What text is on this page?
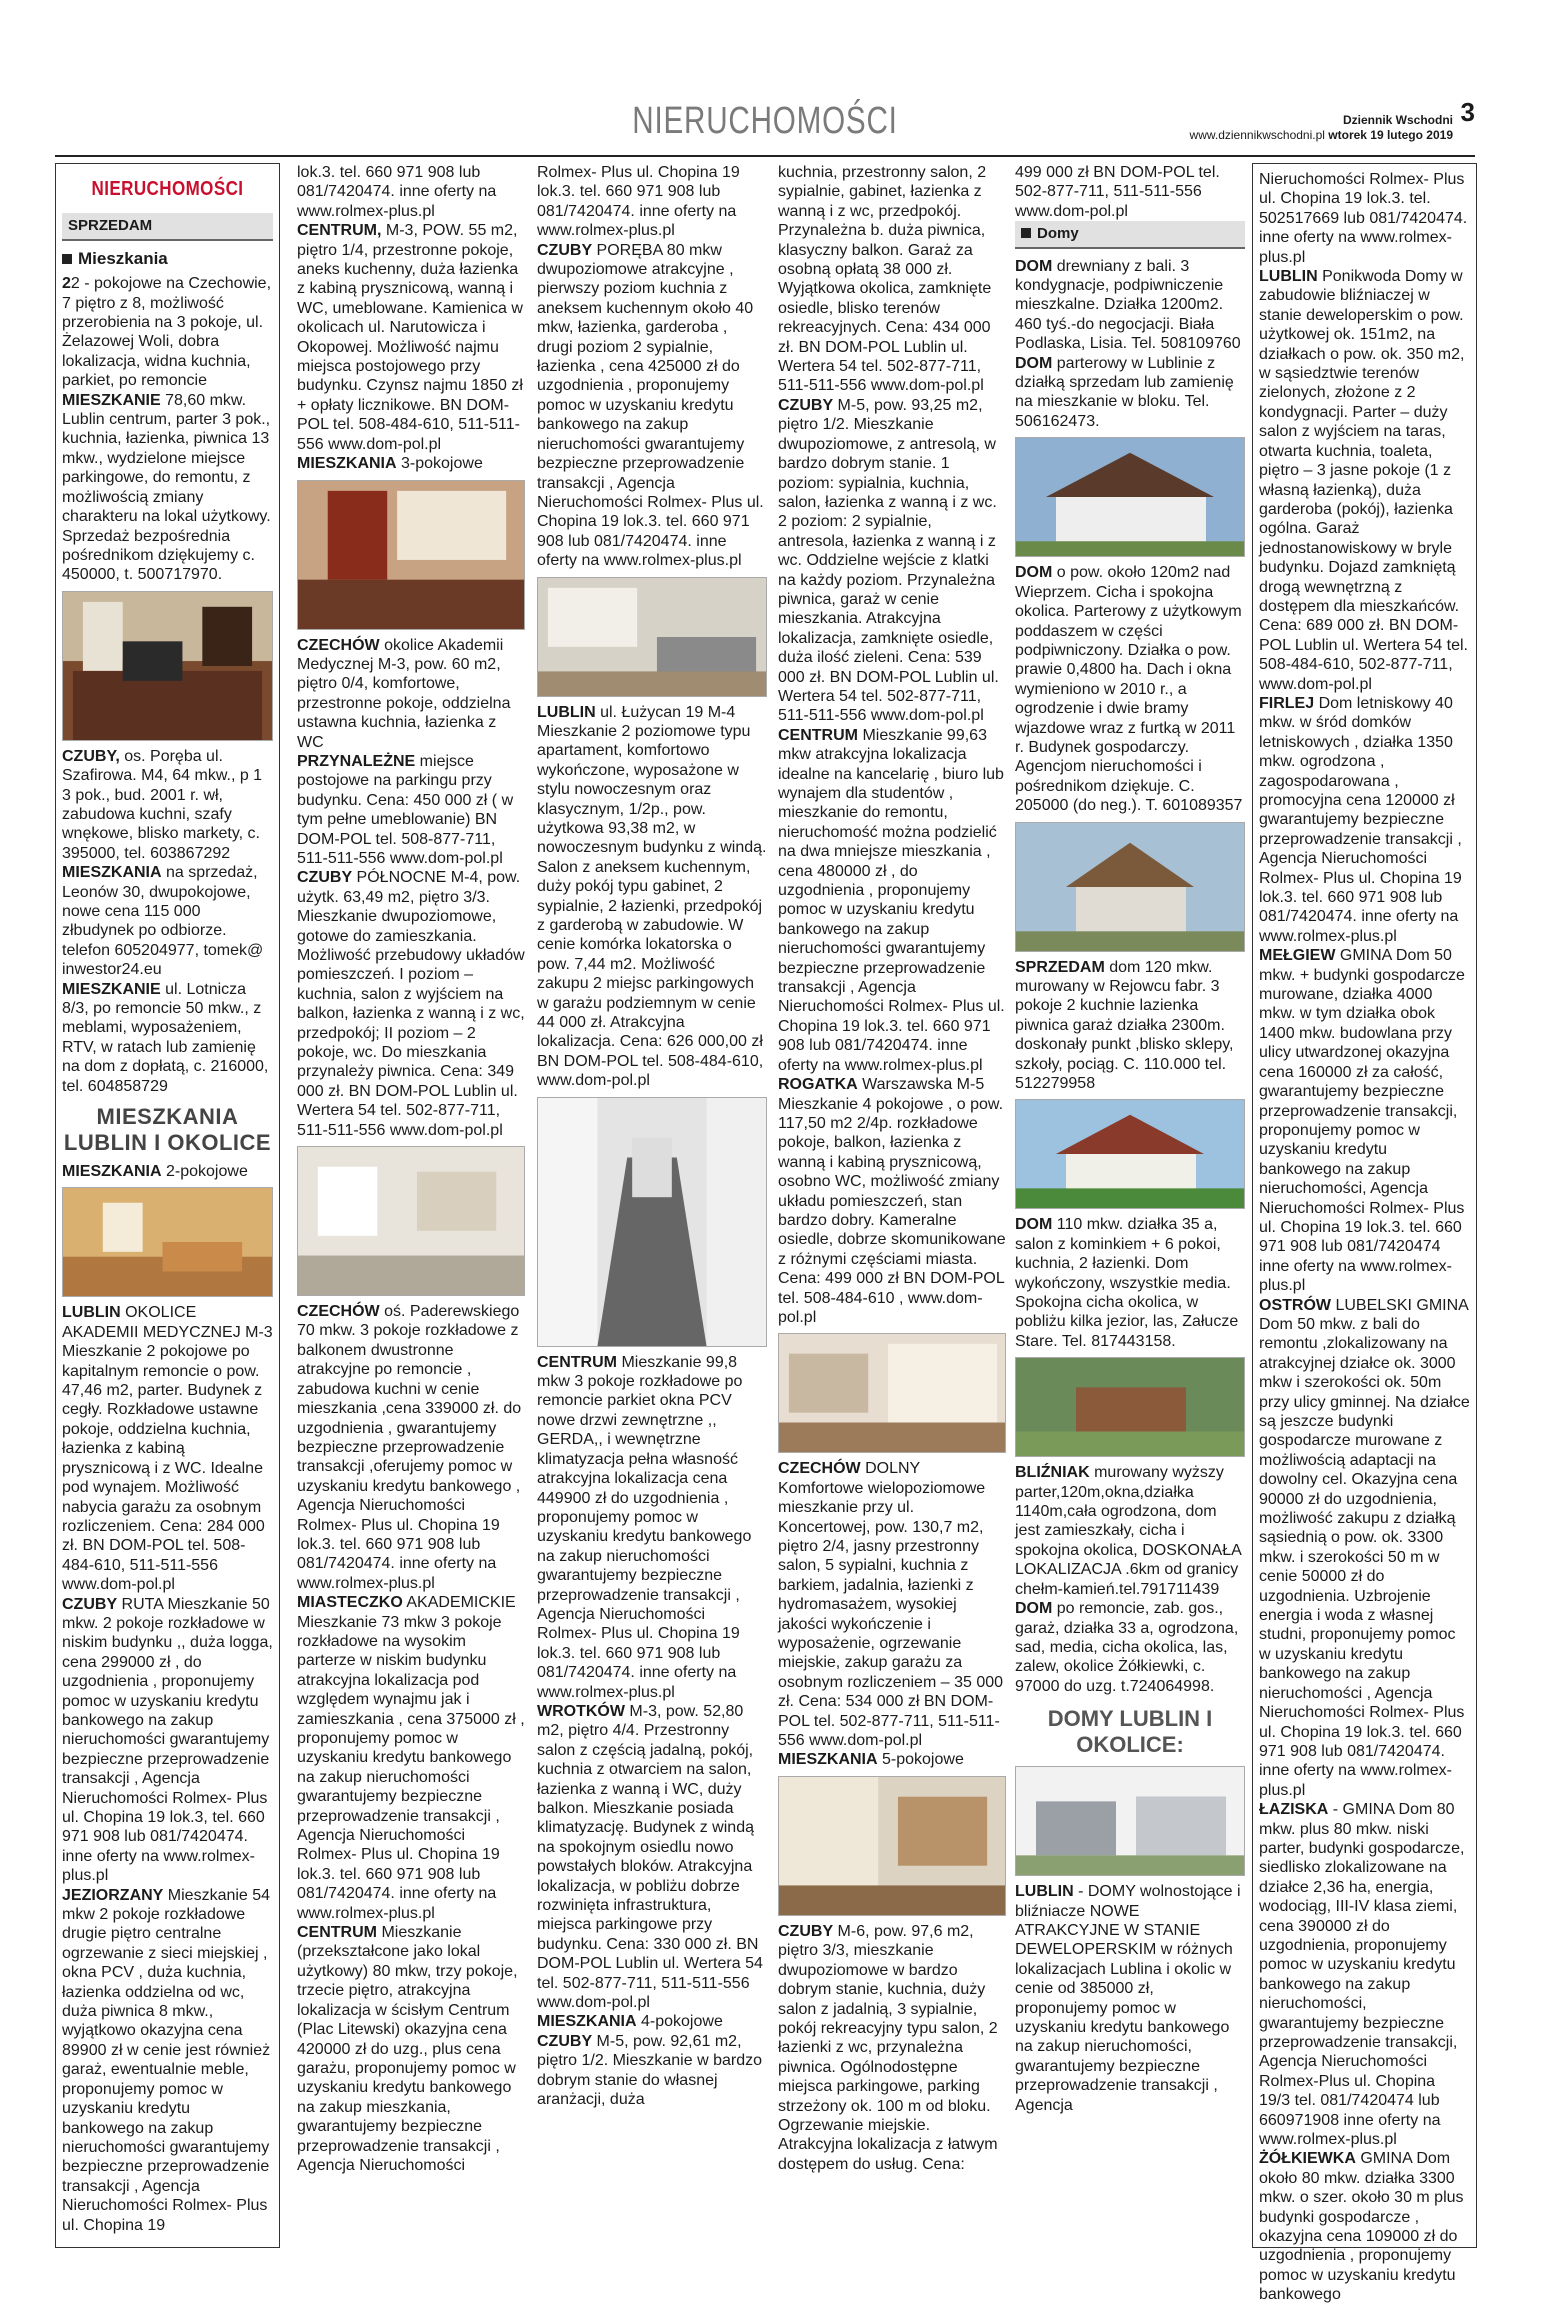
NIERUCHOMOŚCI	3
Dziennik Wschodni
www.dziennikwschodni.pl wtorek 19 lutego 2019
NIERUCHOMOŚCI
SPRZEDAM
Mieszkania

22 - pokojowe na Czechowie, 7 piętro z 8, możliwość przerobienia na 3 pokoje, ul. Żelazowej Woli, dobra lokalizacja, widna kuchnia, parkiet, po remoncie

MIESZKANIE 78,60 mkw. Lublin centrum, parter 3 pok., kuchnia, łazienka, piwnica 13 mkw., wydzielone miejsce parkingowe, do remontu, z możliwością zmiany charakteru na lokal użytkowy. Sprzedaż bezpośrednia pośrednikom dziękujemy c. 450000, t. 500717970.

CZUBY, os. Poręba ul. Szafirowa. M4, 64 mkw., p 1 3 pok., bud. 2001 r. wł, zabudowa kuchni, szafy wnękowe, blisko markety, c. 395000, tel. 603867292

MIESZKANIA na sprzedaż, Leonów 30, dwupokojowe, nowe cena 115 000 złbudynek po odbiorze. telefon 605204977, tomek@ inwestor24.eu

MIESZKANIE ul. Lotnicza 8/3, po remoncie 50 mkw., z meblami, wyposażeniem, RTV, w ratach lub zamienię na dom z dopłatą, c. 216000, tel. 604858729

MIESZKANIA
LUBLIN I OKOLICE

MIESZKANIA 2-pokojowe

LUBLIN OKOLICE AKADEMII MEDYCZNEJ M-3 Mieszkanie 2 pokojowe po kapitalnym remoncie o pow. 47,46 m2, parter. Budynek z cegły. Rozkładowe ustawne pokoje, oddzielna kuchnia, łazienka z kabiną prysznicową i z WC. Idealne pod wynajem. Możliwość nabycia garażu za osobnym rozliczeniem. Cena: 284 000 zł. BN DOM-POL tel. 508-484-610, 511-511-556 www.dom-pol.pl

CZUBY RUTA Mieszkanie 50 mkw. 2 pokoje rozkładowe w niskim budynku ,, duża logga, cena 299000 zł , do uzgodnienia , proponujemy pomoc w uzyskaniu kredytu bankowego na zakup nieruchomości gwarantujemy bezpieczne przeprowadzenie transakcji , Agencja Nieruchomości Rolmex- Plus ul. Chopina 19 lok.3, tel. 660 971 908 lub 081/7420474. inne oferty na www.rolmex-plus.pl

JEZIORZANY Mieszkanie 54 mkw 2 pokoje rozkładowe drugie piętro centralne ogrzewanie z sieci miejskiej , okna PCV , duża kuchnia, łazienka oddzielna od wc, duża piwnica 8 mkw., wyjątkowo okazyjna cena 89900 zł w cenie jest również garaż, ewentualnie meble, proponujemy pomoc w uzyskaniu kredytu bankowego na zakup nieruchomości gwarantujemy bezpieczne przeprowadzenie transakcji , Agencja Nieruchomości Rolmex- Plus ul. Chopina 19

lok.3. tel. 660 971 908 lub 081/7420474. inne oferty na www.rolmex-plus.pl

CENTRUM, M-3, POW. 55 m2, piętro 1/4, przestronne pokoje, aneks kuchenny, duża łazienka z kabiną prysznicową, wanną i WC, umeblowane. Kamienica w okolicach ul. Narutowicza i Okopowej. Możliwość najmu miejsca postojowego przy budynku. Czynsz najmu 1850 zł + opłaty licznikowe. BN DOM-POL tel. 508-484-610, 511-511-556 www.dom-pol.pl

MIESZKANIA 3-pokojowe

CZECHÓW okolice Akademii Medycznej M-3, pow. 60 m2, piętro 0/4, komfortowe, przestronne pokoje, oddzielna ustawna kuchnia, łazienka z WC

PRZYNALEŻNE miejsce postojowe na parkingu przy budynku. Cena: 450 000 zł ( w tym pełne umeblowanie) BN DOM-POL tel. 508-877-711, 511-511-556 www.dom-pol.pl

CZUBY PÓŁNOCNE M-4, pow. użytk. 63,49 m2, piętro 3/3. Mieszkanie dwupoziomowe, gotowe do zamieszkania. Możliwość przebudowy układów pomieszczeń. I poziom – kuchnia, salon z wyjściem na balkon, łazienka z wanną i z wc, przedpokój; II poziom – 2 pokoje, wc. Do mieszkania przynależy piwnica. Cena: 349 000 zł. BN DOM-POL Lublin ul. Wertera 54 tel. 502-877-711, 511-511-556 www.dom-pol.pl

CZECHÓW oś. Paderewskiego 70 mkw. 3 pokoje rozkładowe z balkonem dwustronne atrakcyjne po remoncie , zabudowa kuchni w cenie mieszkania ,cena 339000 zł. do uzgodnienia , gwarantujemy bezpieczne przeprowadzenie transakcji ,oferujemy pomoc w uzyskaniu kredytu bankowego , Agencja Nieruchomości Rolmex- Plus ul. Chopina 19 lok.3. tel. 660 971 908 lub 081/7420474. inne oferty na www.rolmex-plus.pl

MIASTECZKO AKADEMICKIE Mieszkanie 73 mkw 3 pokoje rozkładowe na wysokim parterze w niskim budynku atrakcyjna lokalizacja pod względem wynajmu jak i zamieszkania , cena 375000 zł , proponujemy pomoc w uzyskaniu kredytu bankowego na zakup nieruchomości gwarantujemy bezpieczne przeprowadzenie transakcji , Agencja Nieruchomości Rolmex- Plus ul. Chopina 19 lok.3. tel. 660 971 908 lub 081/7420474. inne oferty na www.rolmex-plus.pl

CENTRUM Mieszkanie (przekształcone jako lokal użytkowy) 80 mkw, trzy pokoje, trzecie piętro, atrakcyjna lokalizacja w ścisłym Centrum (Plac Litewski) okazyjna cena 420000 zł do uzg., plus cena garażu, proponujemy pomoc w uzyskaniu kredytu bankowego na zakup mieszkania, gwarantujemy bezpieczne przeprowadzenie transakcji , Agencja Nieruchomości

Rolmex- Plus ul. Chopina 19 lok.3. tel. 660 971 908 lub 081/7420474. inne oferty na www.rolmex-plus.pl

CZUBY PORĘBA 80 mkw dwupoziomowe atrakcyjne , pierwszy poziom kuchnia z aneksem kuchennym około 40 mkw, łazienka, garderoba , drugi poziom 2 sypialnie, łazienka , cena 425000 zł do uzgodnienia , proponujemy pomoc w uzyskaniu kredytu bankowego na zakup nieruchomości gwarantujemy bezpieczne przeprowadzenie transakcji , Agencja Nieruchomości Rolmex- Plus ul. Chopina 19 lok.3. tel. 660 971 908 lub 081/7420474. inne oferty na www.rolmex-plus.pl

LUBLIN ul. Łużycan 19 M-4 Mieszkanie 2 poziomowe typu apartament, komfortowo wykończone, wyposażone w stylu nowoczesnym oraz klasycznym, 1/2p., pow. użytkowa 93,38 m2, w nowoczesnym budynku z windą. Salon z aneksem kuchennym, duży pokój typu gabinet, 2 sypialnie, 2 łazienki, przedpokój z garderobą w zabudowie. W cenie komórka lokatorska o pow. 7,44 m2. Możliwość zakupu 2 miejsc parkingowych w garażu podziemnym w cenie 44 000 zł. Atrakcyjna lokalizacja. Cena: 626 000,00 zł BN DOM-POL tel. 508-484-610, www.dom-pol.pl

CENTRUM Mieszkanie 99,8 mkw 3 pokoje rozkładowe po remoncie parkiet okna PCV nowe drzwi zewnętrzne ,, GERDA,, i wewnętrzne klimatyzacja pełna własność atrakcyjna lokalizacja cena 449900 zł do uzgodnienia , proponujemy pomoc w uzyskaniu kredytu bankowego na zakup nieruchomości gwarantujemy bezpieczne przeprowadzenie transakcji , Agencja Nieruchomości Rolmex- Plus ul. Chopina 19 lok.3. tel. 660 971 908 lub 081/7420474. inne oferty na www.rolmex-plus.pl

WROTKÓW M-3, pow. 52,80 m2, piętro 4/4. Przestronny salon z częścią jadalną, pokój, kuchnia z otwarciem na salon, łazienka z wanną i WC, duży balkon. Mieszkanie posiada klimatyzację. Budynek z windą na spokojnym osiedlu nowo powstałych bloków. Atrakcyjna lokalizacja, w pobliżu dobrze rozwinięta infrastruktura, miejsca parkingowe przy budynku. Cena: 330 000 zł. BN DOM-POL Lublin ul. Wertera 54 tel. 502-877-711, 511-511-556 www.dom-pol.pl

MIESZKANIA 4-pokojowe

CZUBY M-5, pow. 92,61 m2, piętro 1/2. Mieszkanie w bardzo dobrym stanie do własnej aranżacji, duża

kuchnia, przestronny salon, 2 sypialnie, gabinet, łazienka z wanną i z wc, przedpokój. Przynależna b. duża piwnica, klasyczny balkon. Garaż za osobną opłatą 38 000 zł. Wyjątkowa okolica, zamknięte osiedle, blisko terenów rekreacyjnych. Cena: 434 000 zł. BN DOM-POL Lublin ul. Wertera 54 tel. 502-877-711, 511-511-556 www.dom-pol.pl

CZUBY M-5, pow. 93,25 m2, piętro 1/2. Mieszkanie dwupoziomowe, z antresolą, w bardzo dobrym stanie. 1 poziom: sypialnia, kuchnia, salon, łazienka z wanną i z wc. 2 poziom: 2 sypialnie, antresola, łazienka z wanną i z wc. Oddzielne wejście z klatki na każdy poziom. Przynależna piwnica, garaż w cenie mieszkania. Atrakcyjna lokalizacja, zamknięte osiedle, duża ilość zieleni. Cena: 539 000 zł. BN DOM-POL Lublin ul. Wertera 54 tel. 502-877-711, 511-511-556 www.dom-pol.pl

CENTRUM Mieszkanie 99,63 mkw atrakcyjna lokalizacja idealne na kancelarię , biuro lub wynajem dla studentów , mieszkanie do remontu, nieruchomość można podzielić na dwa mniejsze mieszkania , cena 480000 zł , do uzgodnienia , proponujemy pomoc w uzyskaniu kredytu bankowego na zakup nieruchomości gwarantujemy bezpieczne przeprowadzenie transakcji , Agencja Nieruchomości Rolmex- Plus ul. Chopina 19 lok.3. tel. 660 971 908 lub 081/7420474. inne oferty na www.rolmex-plus.pl

ROGATKA Warszawska M-5 Mieszkanie 4 pokojowe , o pow. 117,50 m2 2/4p. rozkładowe pokoje, balkon, łazienka z wanną i kabiną prysznicową, osobno WC, możliwość zmiany układu pomieszczeń, stan bardzo dobry. Kameralne osiedle, dobrze skomunikowane z różnymi częściami miasta. Cena: 499 000 zł BN DOM-POL tel. 508-484-610 , www.dom-pol.pl

CZECHÓW DOLNY Komfortowe wielopoziomowe mieszkanie przy ul. Koncertowej, pow. 130,7 m2, piętro 2/4, jasny przestronny salon, 5 sypialni, kuchnia z barkiem, jadalnia, łazienki z hydromasażem, wysokiej jakości wykończenie i wyposażenie, ogrzewanie miejskie, zakup garażu za osobnym rozliczeniem – 35 000 zł. Cena: 534 000 zł BN DOM-POL tel. 502-877-711, 511-511-556 www.dom-pol.pl

MIESZKANIA 5-pokojowe

CZUBY M-6, pow. 97,6 m2, piętro 3/3, mieszkanie dwupoziomowe w bardzo dobrym stanie, kuchnia, duży salon z jadalnią, 3 sypialnie, pokój rekreacyjny typu salon, 2 łazienki z wc, przynależna piwnica. Ogólnodostępne miejsca parkingowe, parking strzeżony ok. 100 m od bloku. Ogrzewanie miejskie. Atrakcyjna lokalizacja z łatwym dostępem do usług. Cena:

499 000 zł BN DOM-POL tel. 502-877-711, 511-511-556 www.dom-pol.pl

Domy

DOM drewniany z bali. 3 kondygnacje, podpiwniczenie mieszkalne. Działka 1200m2. 460 tyś.-do negocjacji. Biała Podlaska, Lisia. Tel. 508109760

DOM parterowy w Lublinie z działką sprzedam lub zamienię na mieszkanie w bloku. Tel. 506162473.

DOM o pow. około 120m2 nad Wieprzem. Cicha i spokojna okolica. Parterowy z użytkowym poddaszem w części podpiwniczony. Działka o pow. prawie 0,4800 ha. Dach i okna wymieniono w 2010 r., a ogrodzenie i dwie bramy wjazdowe wraz z furtką w 2011 r. Budynek gospodarczy. Agencjom nieruchomości i pośrednikom dziękuje. C. 205000 (do neg.). T. 601089357

SPRZEDAM dom 120 mkw. murowany w Rejowcu fabr. 3 pokoje 2 kuchnie lazienka piwnica garaż działka 2300m. doskonały punkt ,blisko sklepy, szkoły, pociąg. C. 110.000 tel. 512279958

DOM 110 mkw. działka 35 a, salon z kominkiem + 6 pokoi, kuchnia, 2 łazienki. Dom wykończony, wszystkie media. Spokojna cicha okolica, w pobliżu kilka jezior, las, Załucze Stare. Tel. 817443158.

BLIŹNIAK murowany wyższy parter,120m,okna,działka 1140m,cała ogrodzona, dom jest zamieszkały, cicha i spokojna okolica, DOSKONAŁA LOKALIZACJA .6km od granicy chełm-kamień.tel.791711439

DOM po remoncie, zab. gos., garaż, działka 33 a, ogrodzona, sad, media, cicha okolica, las, zalew, okolice Żółkiewki, c. 97000 do uzg. t.724064998.

DOMY LUBLIN I
OKOLICE:

LUBLIN - DOMY wolnostojące i bliźniacze NOWE ATRAKCYJNE W STANIE DEWELOPERSKIM w różnych lokalizacjach Lublina i okolic w cenie od 385000 zł, proponujemy pomoc w uzyskaniu kredytu bankowego na zakup nieruchomości, gwarantujemy bezpieczne przeprowadzenie transakcji , Agencja

Nieruchomości Rolmex- Plus ul. Chopina 19 lok.3. tel. 502517669 lub 081/7420474. inne oferty na www.rolmex-plus.pl

LUBLIN Ponikwoda Domy w zabudowie bliźniaczej w stanie deweloperskim o pow. użytkowej ok. 151m2, na działkach o pow. ok. 350 m2, w sąsiedztwie terenów zielonych, złożone z 2 kondygnacji. Parter – duży salon z wyjściem na taras, otwarta kuchnia, toaleta, piętro – 3 jasne pokoje (1 z własną łazienką), duża garderoba (pokój), łazienka ogólna. Garaż jednostanowiskowy w bryle budynku. Dojazd zamkniętą drogą wewnętrzną z dostępem dla mieszkańców. Cena: 689 000 zł. BN DOM-POL Lublin ul. Wertera 54 tel. 508-484-610, 502-877-711, www.dom-pol.pl

FIRLEJ Dom letniskowy 40 mkw. w śród domków letniskowych , działka 1350 mkw. ogrodzona , zagospodarowana , promocyjna cena 120000 zł gwarantujemy bezpieczne przeprowadzenie transakcji , Agencja Nieruchomości Rolmex- Plus ul. Chopina 19 lok.3. tel. 660 971 908 lub 081/7420474. inne oferty na www.rolmex-plus.pl

MEŁGIEW GMINA Dom 50 mkw. + budynki gospodarcze murowane, działka 4000 mkw. w tym działka obok 1400 mkw. budowlana przy ulicy utwardzonej okazyjna cena 160000 zł za całość, gwarantujemy bezpieczne przeprowadzenie transakcji, proponujemy pomoc w uzyskaniu kredytu bankowego na zakup nieruchomości, Agencja Nieruchomości Rolmex- Plus ul. Chopina 19 lok.3. tel. 660 971 908 lub 081/7420474 inne oferty na www.rolmex-plus.pl

OSTRÓW LUBELSKI GMINA Dom 50 mkw. z bali do remontu ,zlokalizowany na atrakcyjnej działce ok. 3000 mkw i szerokości ok. 50m przy ulicy gminnej. Na działce są jeszcze budynki gospodarcze murowane z możliwością adaptacji na dowolny cel. Okazyjna cena 90000 zł do uzgodnienia, możliwość zakupu z działką sąsiednią o pow. ok. 3300 mkw. i szerokości 50 m w cenie 50000 zł do uzgodnienia. Uzbrojenie energia i woda z własnej studni, proponujemy pomoc w uzyskaniu kredytu bankowego na zakup nieruchomości , Agencja Nieruchomości Rolmex- Plus ul. Chopina 19 lok.3. tel. 660 971 908 lub 081/7420474. inne oferty na www.rolmex-plus.pl

ŁAZISKA - GMINA Dom 80 mkw. plus 80 mkw. niski parter, budynki gospodarcze, siedlisko zlokalizowane na działce 2,36 ha, energia, wodociąg, III-IV klasa ziemi, cena 390000 zł do uzgodnienia, proponujemy pomoc w uzyskaniu kredytu bankowego na zakup nieruchomości, gwarantujemy bezpieczne przeprowadzenie transakcji, Agencja Nieruchomości Rolmex-Plus ul. Chopina 19/3 tel. 081/7420474 lub 660971908 inne oferty na www.rolmex-plus.pl

ŻÓŁKIEWKA GMINA Dom około 80 mkw. działka 3300 mkw. o szer. około 30 m plus budynki gospodarcze , okazyjna cena 109000 zł do uzgodnienia , proponujemy pomoc w uzyskaniu kredytu bankowego
